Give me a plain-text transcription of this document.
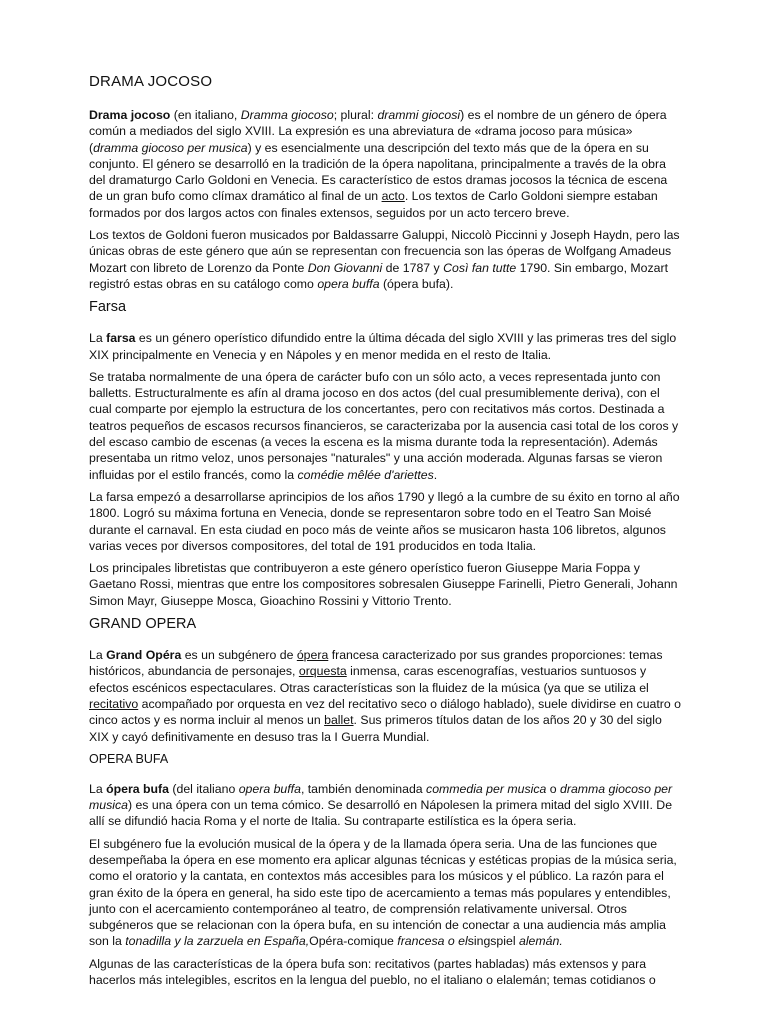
DRAMA JOCOSO

Drama jocoso (en italiano, Dramma giocoso; plural: drammi giocosi) es el nombre de un género de ópera común a mediados del siglo XVIII. La expresión es una abreviatura de «drama jocoso para música» (dramma giocoso per musica) y es esencialmente una descripción del texto más que de la ópera en su conjunto. El género se desarrolló en la tradición de la ópera napolitana, principalmente a través de la obra del dramaturgo Carlo Goldoni en Venecia. Es característico de estos dramas jocosos la técnica de escena de un gran bufo como clímax dramático al final de un acto. Los textos de Carlo Goldoni siempre estaban formados por dos largos actos con finales extensos, seguidos por un acto tercero breve.

Los textos de Goldoni fueron musicados por Baldassarre Galuppi, Niccolò Piccinni y Joseph Haydn, pero las únicas obras de este género que aún se representan con frecuencia son las óperas de Wolfgang Amadeus Mozart con libreto de Lorenzo da Ponte Don Giovanni de 1787 y Così fan tutte 1790. Sin embargo, Mozart registró estas obras en su catálogo como opera buffa (ópera bufa).

Farsa

La farsa es un género operístico difundido entre la última década del siglo XVIII y las primeras tres del siglo XIX principalmente en Venecia y en Nápoles y en menor medida en el resto de Italia.

Se trataba normalmente de una ópera de carácter bufo con un sólo acto, a veces representada junto con balletts. Estructuralmente es afín al drama jocoso en dos actos (del cual presumiblemente deriva), con el cual comparte por ejemplo la estructura de los concertantes, pero con recitativos más cortos. Destinada a teatros pequeños de escasos recursos financieros, se caracterizaba por la ausencia casi total de los coros y del escaso cambio de escenas (a veces la escena es la misma durante toda la representación). Además presentaba un ritmo veloz, unos personajes "naturales" y una acción moderada. Algunas farsas se vieron influidas por el estilo francés, como la comédie mêlée d'ariettes.

La farsa empezó a desarrollarse aprincipios de los años 1790 y llegó a la cumbre de su éxito en torno al año 1800. Logró su máxima fortuna en Venecia, donde se representaron sobre todo en el Teatro San Moisé durante el carnaval. En esta ciudad en poco más de veinte años se musicaron hasta 106 libretos, algunos varias veces por diversos compositores, del total de 191 producidos en toda Italia.

Los principales libretistas que contribuyeron a este género operístico fueron Giuseppe Maria Foppa y Gaetano Rossi, mientras que entre los compositores sobresalen Giuseppe Farinelli, Pietro Generali, Johann Simon Mayr, Giuseppe Mosca, Gioachino Rossini y Vittorio Trento.

GRAND OPERA

La Grand Opéra es un subgénero de ópera francesa caracterizado por sus grandes proporciones: temas históricos, abundancia de personajes, orquesta inmensa, caras escenografías, vestuarios suntuosos y efectos escénicos espectaculares. Otras características son la fluidez de la música (ya que se utiliza el recitativo acompañado por orquesta en vez del recitativo seco o diálogo hablado), suele dividirse en cuatro o cinco actos y es norma incluir al menos un ballet. Sus primeros títulos datan de los años 20 y 30 del siglo XIX y cayó definitivamente en desuso tras la I Guerra Mundial.

OPERA BUFA

La ópera bufa (del italiano opera buffa, también denominada commedia per musica o dramma giocoso per musica) es una ópera con un tema cómico. Se desarrolló en Nápolesen la primera mitad del siglo XVIII. De allí se difundió hacia Roma y el norte de Italia. Su contraparte estilística es la ópera seria.

El subgénero fue la evolución musical de la ópera y de la llamada ópera seria. Una de las funciones que desempeñaba la ópera en ese momento era aplicar algunas técnicas y estéticas propias de la música seria, como el oratorio y la cantata, en contextos más accesibles para los músicos y el público. La razón para el gran éxito de la ópera en general, ha sido este tipo de acercamiento a temas más populares y entendibles, junto con el acercamiento contemporáneo al teatro, de comprensión relativamente universal. Otros subgéneros que se relacionan con la ópera bufa, en su intención de conectar a una audiencia más amplia son la tonadilla y la zarzuela en España,Opéra-comique francesa o elsingspiel alemán.

Algunas de las características de la ópera bufa son: recitativos (partes habladas) más extensos y para hacerlos más intelegibles, escritos en la lengua del pueblo, no el italiano o elalemán; temas cotidianos o
